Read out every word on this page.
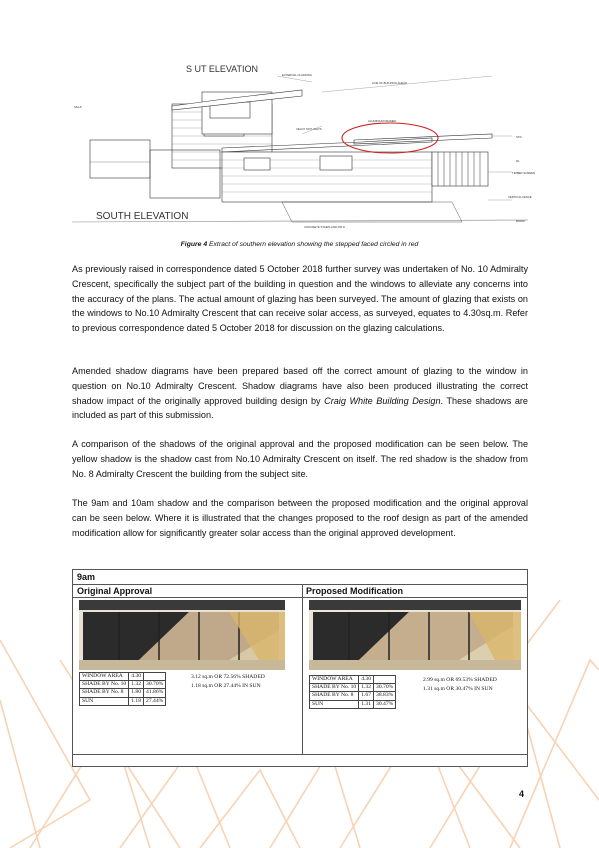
S UT ELEVATION
SOUTH ELEVATION
EXTERNAL CLADDING
LINE OF BUILDING AHEAD
ALUMINIUM FRAMED
VELUX SKYLIGHTS
SILLS
STD
RL
TIMBER SCREEN
VERTICAL FENCE
BNDRY
CONCRETE STAIRS AND PATH
Figure 4 Extract of southern elevation showing the stepped faced circled in red
As previously raised in correspondence dated 5 October 2018 further survey was undertaken of No. 10 Admiralty Crescent, specifically the subject part of the building in question and the windows to alleviate any concerns into the accuracy of the plans. The actual amount of glazing has been surveyed. The amount of glazing that exists on the windows to No.10 Admiralty Crescent that can receive solar access, as surveyed, equates to 4.30sq.m. Refer to previous correspondence dated 5 October 2018 for discussion on the glazing calculations.
Amended shadow diagrams have been prepared based off the correct amount of glazing to the window in question on No.10 Admiralty Crescent. Shadow diagrams have also been produced illustrating the correct shadow impact of the originally approved building design by Craig White Building Design. These shadows are included as part of this submission.
A comparison of the shadows of the original approval and the proposed modification can be seen below. The yellow shadow is the shadow cast from No.10 Admiralty Crescent on itself. The red shadow is the shadow from No. 8 Admiralty Crescent the building from the subject site.
The 9am and 10am shadow and the comparison between the proposed modification and the original approval can be seen below. Where it is illustrated that the changes proposed to the roof design as part of the amended modification allow for significantly greater solar access than the original approved development.
9am
Original Approval	Proposed Modification
WINDOW AREA	4.30	
SHADE BY No. 10	1.32	30.70%
SHADE BY No. 8	1.80	41.86%
SUN	1.18	27.44%
3.12 sq.m OR 72.56% SHADED
1.18 sq.m OR 27.44% IN SUN
WINDOW AREA	4.30	
SHADE BY No. 10	1.32	30.70%
SHADE BY No. 8	1.67	38.83%
SUN	1.31	30.47%
2.99 sq.m OR 69.53% SHADED
1.31 sq.m OR 30.47% IN SUN
4
